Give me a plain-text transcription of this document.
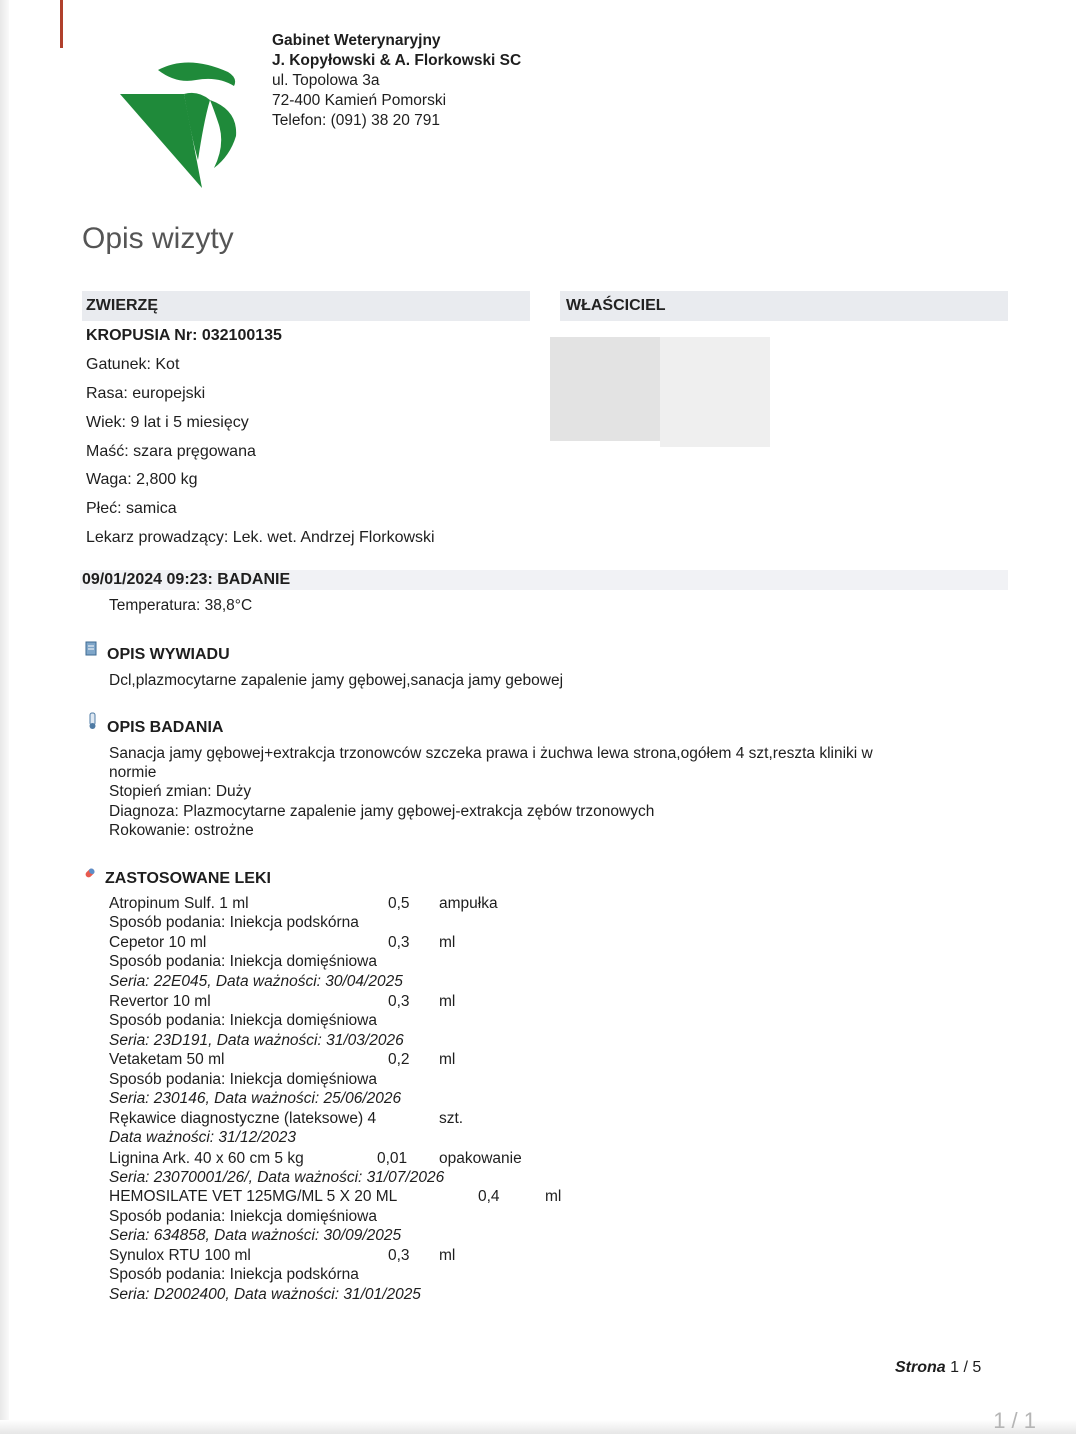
Gabinet Weterynaryjny
J. Kopyłowski & A. Florkowski SC
ul. Topolowa 3a
72-400 Kamień Pomorski
Telefon: (091) 38 20 791
Opis wizyty
ZWIERZĘ	WŁAŚCICIEL
KROPUSIA Nr: 032100135
Gatunek: Kot
Rasa: europejski
Wiek: 9 lat i 5 miesięcy
Maść: szara pręgowana
Waga: 2,800 kg
Płeć: samica
Lekarz prowadzący: Lek. wet. Andrzej Florkowski
09/01/2024 09:23: BADANIE
Temperatura: 38,8°C
OPIS WYWIADU
Dcl,plazmocytarne zapalenie jamy gębowej,sanacja jamy gebowej
OPIS BADANIA
Sanacja jamy gębowej+extrakcja trzonowców szczeka prawa i żuchwa lewa strona,ogółem 4 szt,reszta kliniki w
normie
Stopień zmian: Duży
Diagnoza: Plazmocytarne zapalenie jamy gębowej-extrakcja zębów trzonowych
Rokowanie: ostrożne
ZASTOSOWANE LEKI
Atropinum Sulf. 1 ml	0,5 ampułka
Sposób podania: Iniekcja podskórna
Cepetor 10 ml	0,3 ml
Sposób podania: Iniekcja domięśniowa
Seria: 22E045, Data ważności: 30/04/2025
Revertor 10 ml	0,3 ml
Sposób podania: Iniekcja domięśniowa
Seria: 23D191, Data ważności: 31/03/2026
Vetaketam 50 ml	0,2 ml
Sposób podania: Iniekcja domięśniowa
Seria: 230146, Data ważności: 25/06/2026
Rękawice diagnostyczne (lateksowe) 4	szt.
Data ważności: 31/12/2023
Lignina Ark. 40 x 60 cm 5 kg	0,01 opakowanie
Seria: 23070001/26/, Data ważności: 31/07/2026
HEMOSILATE VET 125MG/ML 5 X 20 ML	0,4	ml
Sposób podania: Iniekcja domięśniowa
Seria: 634858, Data ważności: 30/09/2025
Synulox RTU 100 ml	0,3 ml
Sposób podania: Iniekcja podskórna
Seria: D2002400, Data ważności: 31/01/2025
Strona 1 / 5
1 / 1
